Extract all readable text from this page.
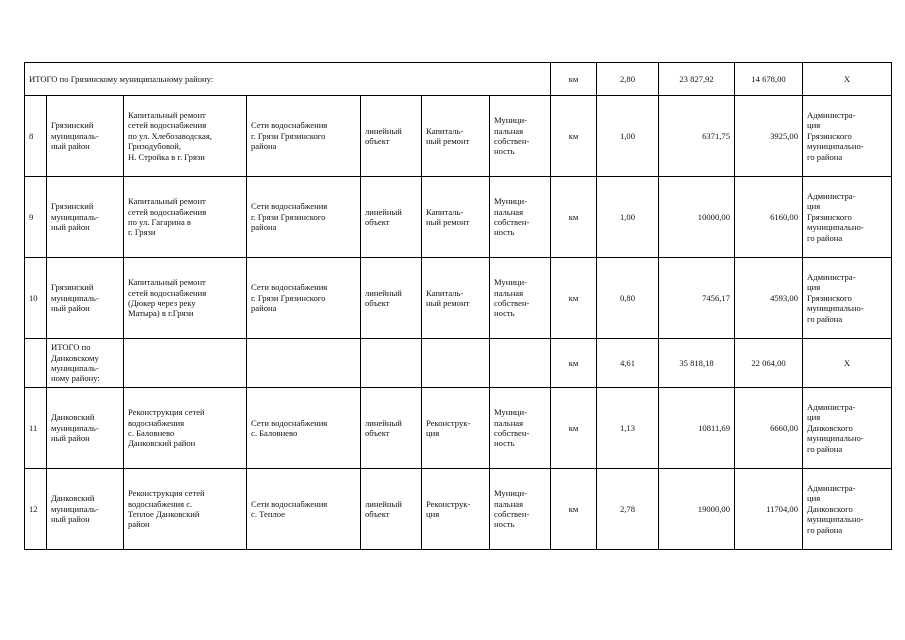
ИТОГО по Грязинскому муниципальному району:							км	2,80	23 827,92	14 678,00	Х
8	Грязинский
муниципаль-
ный район	Капитальный ремонт
сетей водоснабжения
по ул. Хлебозаводская,
Гризодубовой,
Н. Стройка в г. Грязи	Сети водоснабжения
г. Грязи Грязинского
района	линейный
объект	Капиталь-
ный ремонт	Муници-
пальная
собствен-
ность	км	1,00	6371,75	3925,00	Администра-
ция
Грязинского
муниципально-
го района
9	Грязинский
муниципаль-
ный район	Капитальный ремонт
сетей водоснабжения
по ул. Гагарина в
г. Грязи	Сети водоснабжения
г. Грязи Грязинского
района	линейный
объект	Капиталь-
ный ремонт	Муници-
пальная
собствен-
ность	км	1,00	10000,00	6160,00	Администра-
ция
Грязинского
муниципально-
го района
10	Грязинский
муниципаль-
ный район	Капитальный ремонт
сетей водоснабжения
(Дюкер через реку
Матыра) в г.Грязи	Сети водоснабжения
г. Грязи Грязинского
района	линейный
объект	Капиталь-
ный ремонт	Муници-
пальная
собствен-
ность	км	0,80	7456,17	4593,00	Администра-
ция
Грязинского
муниципально-
го района
	ИТОГО по
Данковскому
муниципаль-
ному району:						км	4,61	35 818,18	22 064,00	Х
11	Данковский
муниципаль-
ный район	Реконструкция сетей
водоснабжения
с. Баловнево
Данковский район	Сети водоснабжения
с. Баловнево	линейный
объект	Реконструк-
ция	Муници-
пальная
собствен-
ность	км	1,13	10811,69	6660,00	Администра-
ция
Данковского
муниципально-
го района
12	Данковский
муниципаль-
ный район	Реконструкция сетей
водоснабжения с.
Теплое Данковский
район	Сети водоснабжения
с. Теплое	линейный
объект	Реконструк-
ция	Муници-
пальная
собствен-
ность	км	2,78	19000,00	11704,00	Администра-
ция
Данковского
муниципально-
го района
